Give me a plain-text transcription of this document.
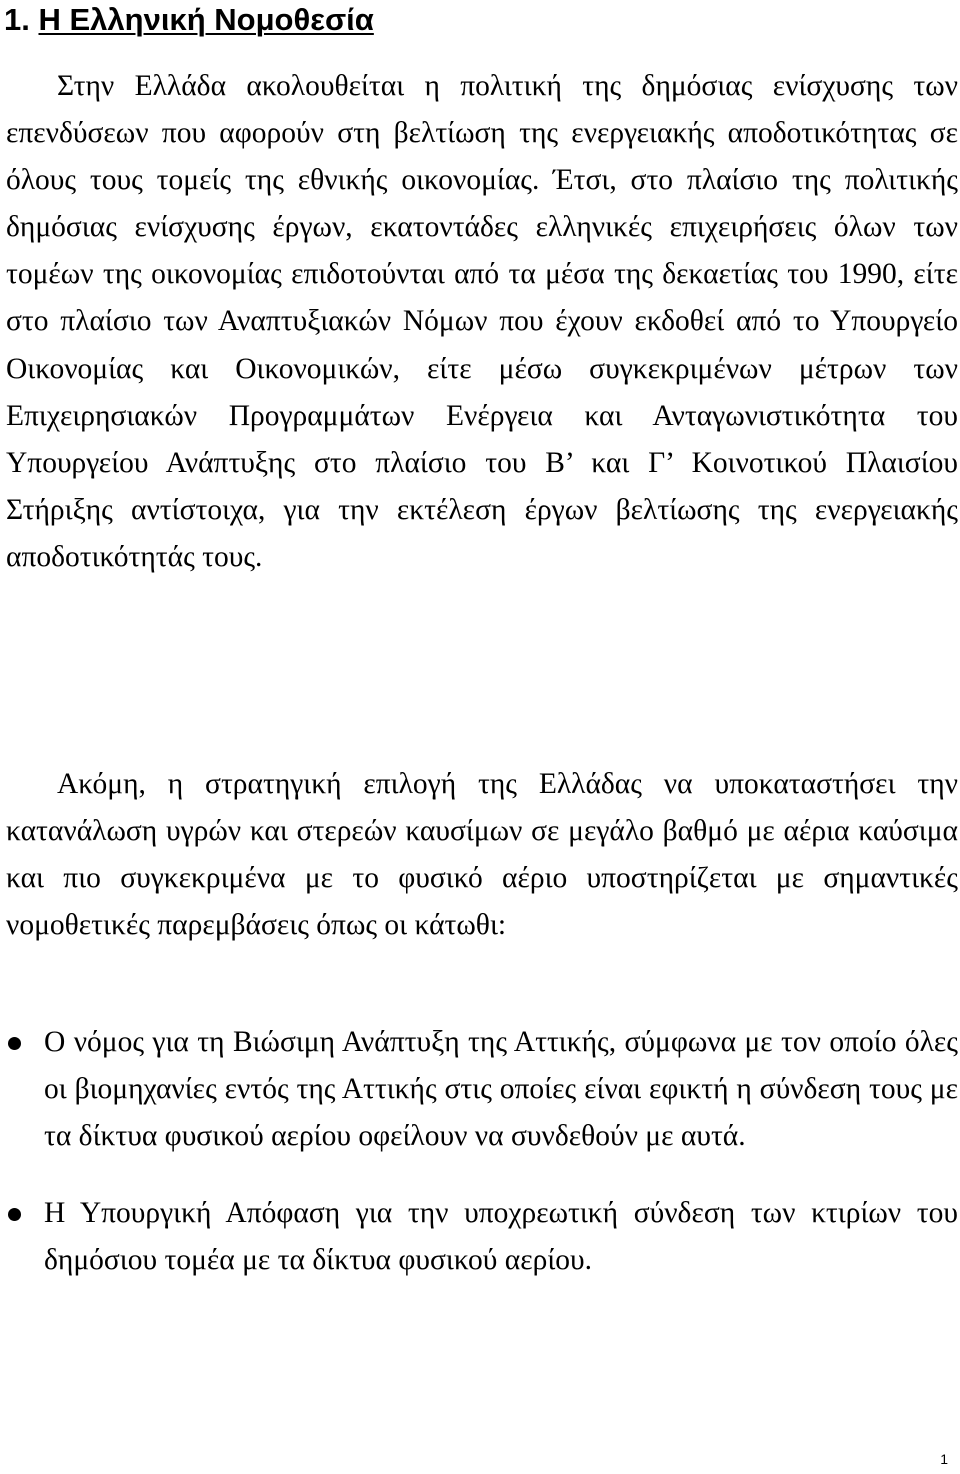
1. Η Ελληνική Νομοθεσία

Στην Ελλάδα ακολουθείται η πολιτική της δημόσιας ενίσχυσης των επενδύσεων που αφορούν στη βελτίωση της ενεργειακής αποδοτικότητας σε όλους τους τομείς της εθνικής οικονομίας. Έτσι, στο πλαίσιο της πολιτικής δημόσιας ενίσχυσης έργων, εκατοντάδες ελληνικές επιχειρήσεις όλων των τομέων της οικονομίας επιδοτούνται από τα μέσα της δεκαετίας του 1990, είτε στο πλαίσιο των Αναπτυξιακών Νόμων που έχουν εκδοθεί από το Υπουργείο Οικονομίας και Οικονομικών, είτε μέσω συγκεκριμένων μέτρων των Επιχειρησιακών Προγραμμάτων Ενέργεια και Ανταγωνιστικότητα του Υπουργείου Ανάπτυξης στο πλαίσιο του Β’ και Γ’ Κοινοτικού Πλαισίου Στήριξης αντίστοιχα, για την εκτέλεση έργων βελτίωσης της ενεργειακής αποδοτικότητάς τους.

Ακόμη, η στρατηγική επιλογή της Ελλάδας να υποκαταστήσει την κατανάλωση υγρών και στερεών καυσίμων σε μεγάλο βαθμό με αέρια καύσιμα και πιο συγκεκριμένα με το φυσικό αέριο υποστηρίζεται με σημαντικές νομοθετικές παρεμβάσεις όπως οι κάτωθι:

Ο νόμος για τη Βιώσιμη Ανάπτυξη της Αττικής, σύμφωνα με τον οποίο όλες οι βιομηχανίες εντός της Αττικής στις οποίες είναι εφικτή η σύνδεση τους με τα δίκτυα φυσικού αερίου οφείλουν να συνδεθούν με αυτά.
Η Υπουργική Απόφαση για την υποχρεωτική σύνδεση των κτιρίων του δημόσιου τομέα με τα δίκτυα φυσικού αερίου.
1
